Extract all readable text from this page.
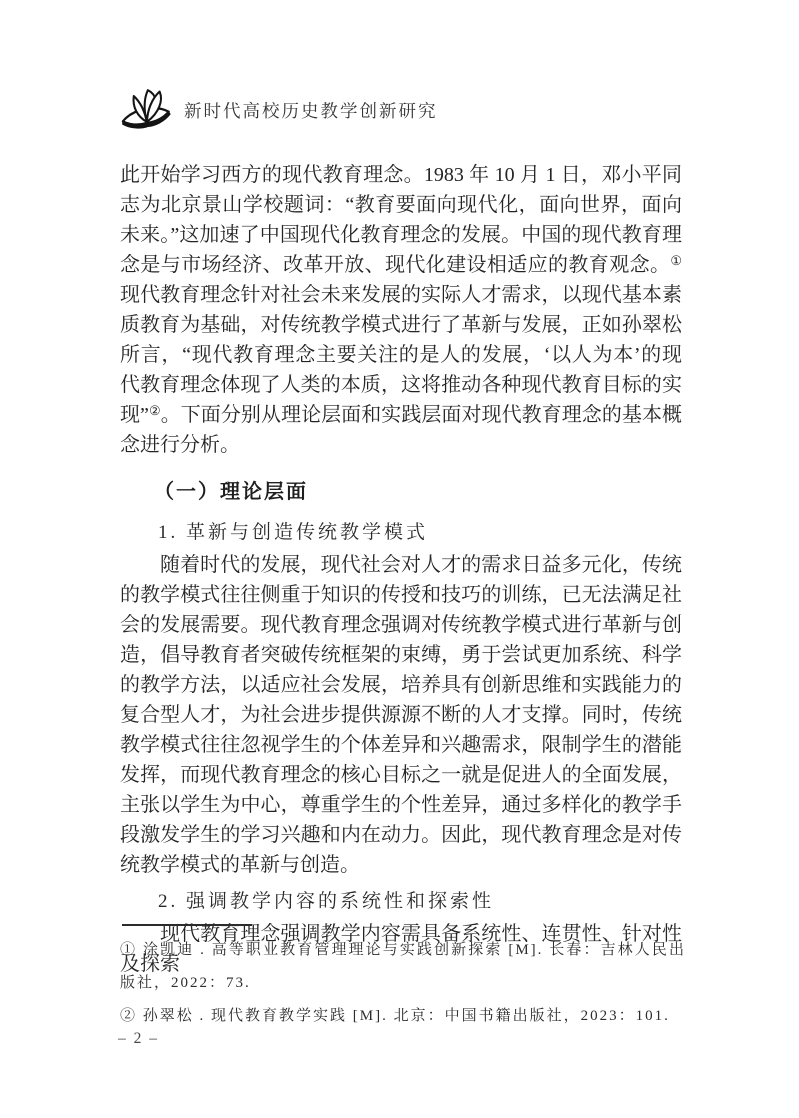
新时代高校历史教学创新研究

此开始学习西方的现代教育理念。1983 年 10 月 1 日，邓小平同志为北京景山学校题词：“教育要面向现代化，面向世界，面向未来。”这加速了中国现代化教育理念的发展。中国的现代教育理念是与市场经济、改革开放、现代化建设相适应的教育观念。① 现代教育理念针对社会未来发展的实际人才需求，以现代基本素质教育为基础，对传统教学模式进行了革新与发展，正如孙翠松所言，“现代教育理念主要关注的是人的发展，‘以人为本’的现代教育理念体现了人类的本质，这将推动各种现代教育目标的实现”②。下面分别从理论层面和实践层面对现代教育理念的基本概念进行分析。

（一）理论层面
1. 革新与创造传统教学模式

随着时代的发展，现代社会对人才的需求日益多元化，传统的教学模式往往侧重于知识的传授和技巧的训练，已无法满足社会的发展需要。现代教育理念强调对传统教学模式进行革新与创造，倡导教育者突破传统框架的束缚，勇于尝试更加系统、科学的教学方法，以适应社会发展，培养具有创新思维和实践能力的复合型人才，为社会进步提供源源不断的人才支撑。同时，传统教学模式往往忽视学生的个体差异和兴趣需求，限制学生的潜能发挥，而现代教育理念的核心目标之一就是促进人的全面发展，主张以学生为中心，尊重学生的个性差异，通过多样化的教学手段激发学生的学习兴趣和内在动力。因此，现代教育理念是对传统教学模式的革新与创造。

2. 强调教学内容的系统性和探索性

现代教育理念强调教学内容需具备系统性、连贯性、针对性及探索

① 涂凯迪 . 高等职业教育管理理论与实践创新探索 [M]. 长春：吉林人民出版社，2022：73.

② 孙翠松 . 现代教育教学实践 [M]. 北京：中国书籍出版社，2023：101.

– 2 –
